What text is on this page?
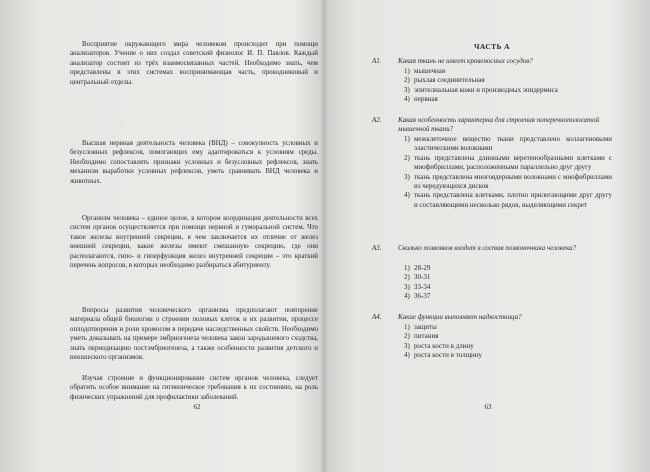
Восприятие окружающего мира человеком происходит при помощи анализаторов. Учение о них создал советский физиолог И. П. Павлов. Каждый анализатор состоит из трёх взаимосвязанных частей. Необходимо знать, чем представлены в этих системах воспринимающая часть, проводниковый и центральный отделы.

Высшая нервная деятельность человека (ВНД) – совокупность условных и безусловных рефлексов, помогающих ему адаптироваться к условиям среды. Необходимо сопоставлять признаки условных и безусловных рефлексов, знать механизм выработки условных рефлексов, уметь сравнивать ВНД человека и животных.

Организм человека – единое целое, в котором координация деятельности всех систем органов осуществляется при помощи нервной и гуморальной систем. Что такое железы внутренней секреции, в чем заключается их отличие от желез внешней секреции, какие железы имеют смешанную секрецию, где они располагаются, гипо- и гиперфункция желез внутренней секреции – это краткий перечень вопросов, в которых необходимо разбираться абитуриенту.

Вопросы развития человеческого организма предполагают повторение материала общей биологии о строении половых клеток и их развитии, процессе оплодотворения и роли хромосом в передаче наследственных свойств. Необходимо уметь доказывать на примере эмбриогенеза человека закон зародышевого сходства, знать периодизацию постэмбриогенеза, а также особенности развития детского и юношеского организмов.

Изучая строение и функционирование систем органов человека, следует обратить особое внимание на гигиеническое требования к их состоянию, на роль физических упражнений для профилактики заболеваний.

62
ЧАСТЬ А
А1. Какая ткань не имеет кровеносных сосудов?
1) мышечная
2) рыхлая соединительная
3) эпителиальная кожи и производных эпидермиса
4) нервная
А2. Какая особенность характерна для строения поперечнополосатой мышечной ткани?
1) межклеточное вещество ткани представлено коллагеновыми эластическими волокнами
2) ткань представлена длинными веретенообразными клетками с миофибриллами, расположенными параллельно друг другу
3) ткань представлена многоядерными волокнами с миофибриллами из чередующихся дисков
4) ткань представлена клетками, плотно прилегающими друг другу и составляющими несколько рядов, выделяющими секрет
А3. Сколько позвонков входит в состав позвоночника человека?
1) 28-29
2) 30-31
3) 33-34
4) 36-37
А4. Какие функции выполняет надкостница?
1) защиты
2) питания
3) роста кости в длину
4) роста кости в толщину
63
